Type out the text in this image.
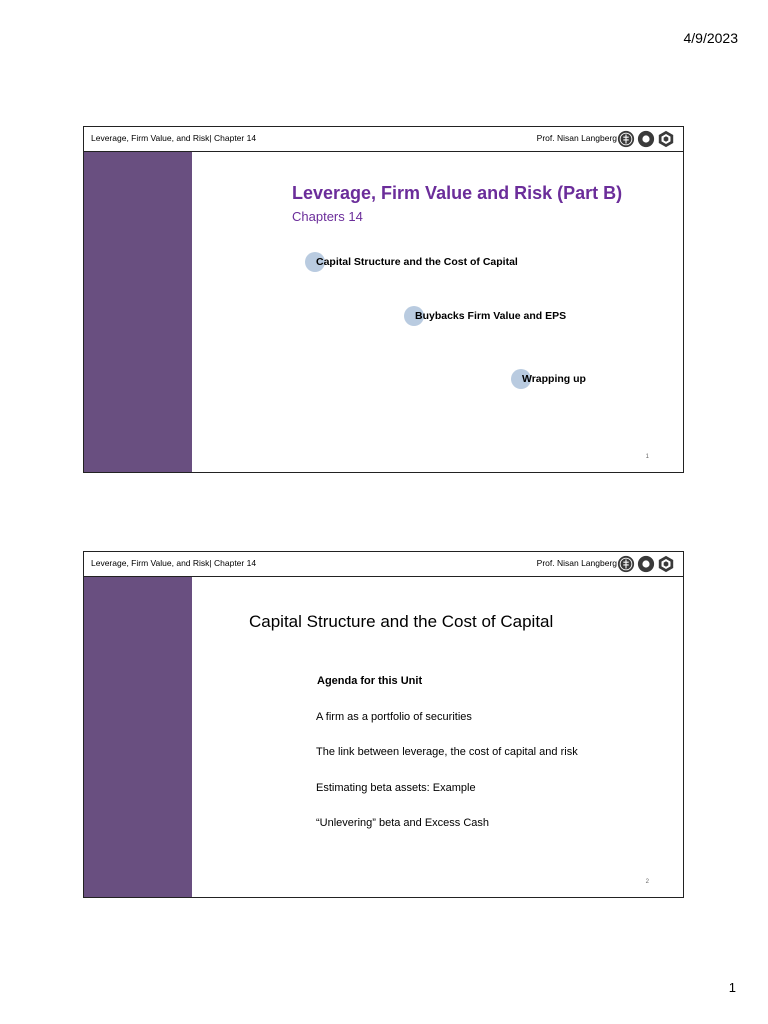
4/9/2023
Leverage, Firm Value, and Risk| Chapter 14	Prof. Nisan Langberg
Leverage, Firm Value and Risk (Part B)
Chapters 14
Capital Structure and the Cost of Capital
Buybacks Firm Value and EPS
Wrapping up
1
Leverage, Firm Value, and Risk| Chapter 14	Prof. Nisan Langberg
Capital Structure and the Cost of Capital
Agenda for this Unit
A firm as a portfolio of securities
The link between leverage, the cost of capital and risk
Estimating beta assets: Example
“Unlevering” beta and Excess Cash
2
1
